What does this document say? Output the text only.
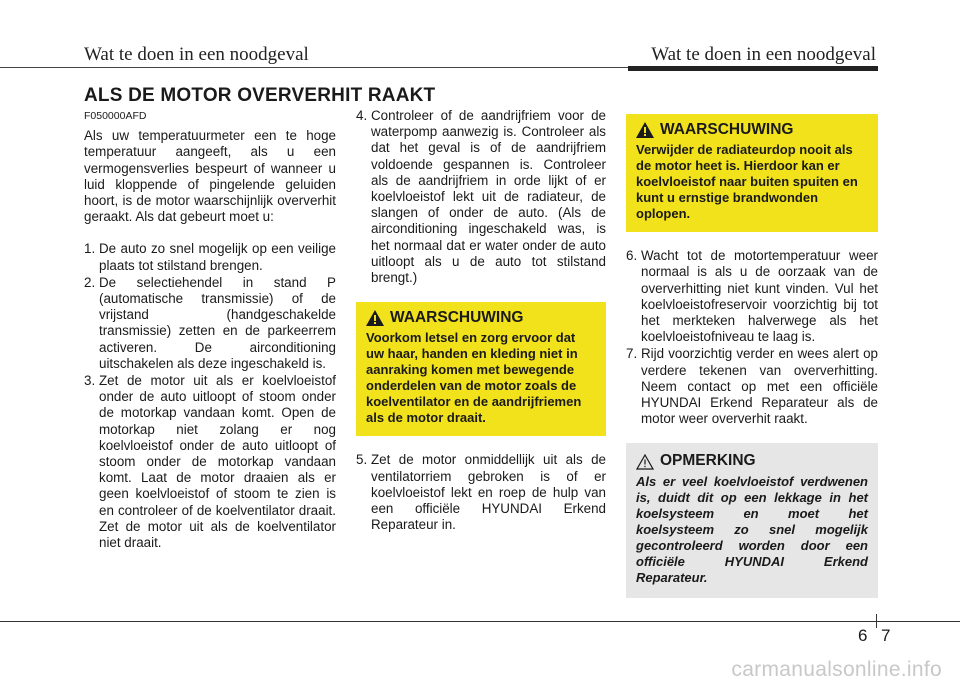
Wat te doen in een noodgeval	Wat te doen in een noodgeval
ALS DE MOTOR OVERVERHIT RAAKT
F050000AFD

Als uw temperatuurmeter een te hoge temperatuur aangeeft, als u een vermogensverlies bespeurt of wanneer u luid kloppende of pingelende geluiden hoort, is de motor waarschijnlijk oververhit geraakt. Als dat gebeurt moet u:

1. De auto zo snel mogelijk op een veilige plaats tot stilstand brengen.
2. De selectiehendel in stand P (automatische transmissie) of de vrijstand (handgeschakelde transmissie) zetten en de parkeerrem activeren. De airconditioning uitschakelen als deze ingeschakeld is.
3. Zet de motor uit als er koelvloeistof onder de auto uitloopt of stoom onder de motorkap vandaan komt. Open de motorkap niet zolang er nog koelvloeistof onder de auto uitloopt of stoom onder de motorkap vandaan komt. Laat de motor draaien als er geen koelvloeistof of stoom te zien is en controleer of de koelventilator draait. Zet de motor uit als de koelventilator niet draait.
4. Controleer of de aandrijfriem voor de waterpomp aanwezig is. Controleer als dat het geval is of de aandrijfriem voldoende gespannen is. Controleer als de aandrijfriem in orde lijkt of er koelvloeistof lekt uit de radiateur, de slangen of onder de auto. (Als de airconditioning ingeschakeld was, is het normaal dat er water onder de auto uitloopt als u de auto tot stilstand brengt.)
WAARSCHUWING
Voorkom letsel en zorg ervoor dat uw haar, handen en kleding niet in aanraking komen met bewegende onderdelen van de motor zoals de koelventilator en de aandrijfriemen als de motor draait.
5. Zet de motor onmiddellijk uit als de ventilatorriem gebroken is of er koelvloeistof lekt en roep de hulp van een officiële HYUNDAI Erkend Reparateur in.
WAARSCHUWING
Verwijder de radiateurdop nooit als de motor heet is. Hierdoor kan er koelvloeistof naar buiten spuiten en kunt u ernstige brandwonden oplopen.
6. Wacht tot de motortemperatuur weer normaal is als u de oorzaak van de oververhitting niet kunt vinden. Vul het koelvloeistofreservoir voorzichtig bij tot het merkteken halverwege als het koelvloeistofniveau te laag is.
7. Rijd voorzichtig verder en wees alert op verdere tekenen van oververhitting. Neem contact op met een officiële HYUNDAI Erkend Reparateur als de motor weer oververhit raakt.
OPMERKING
Als er veel koelvloeistof verdwenen is, duidt dit op een lekkage in het koelsysteem en moet het koelsysteem zo snel mogelijk gecontroleerd worden door een officiële HYUNDAI Erkend Reparateur.
6 7
carmanualsonline.info
